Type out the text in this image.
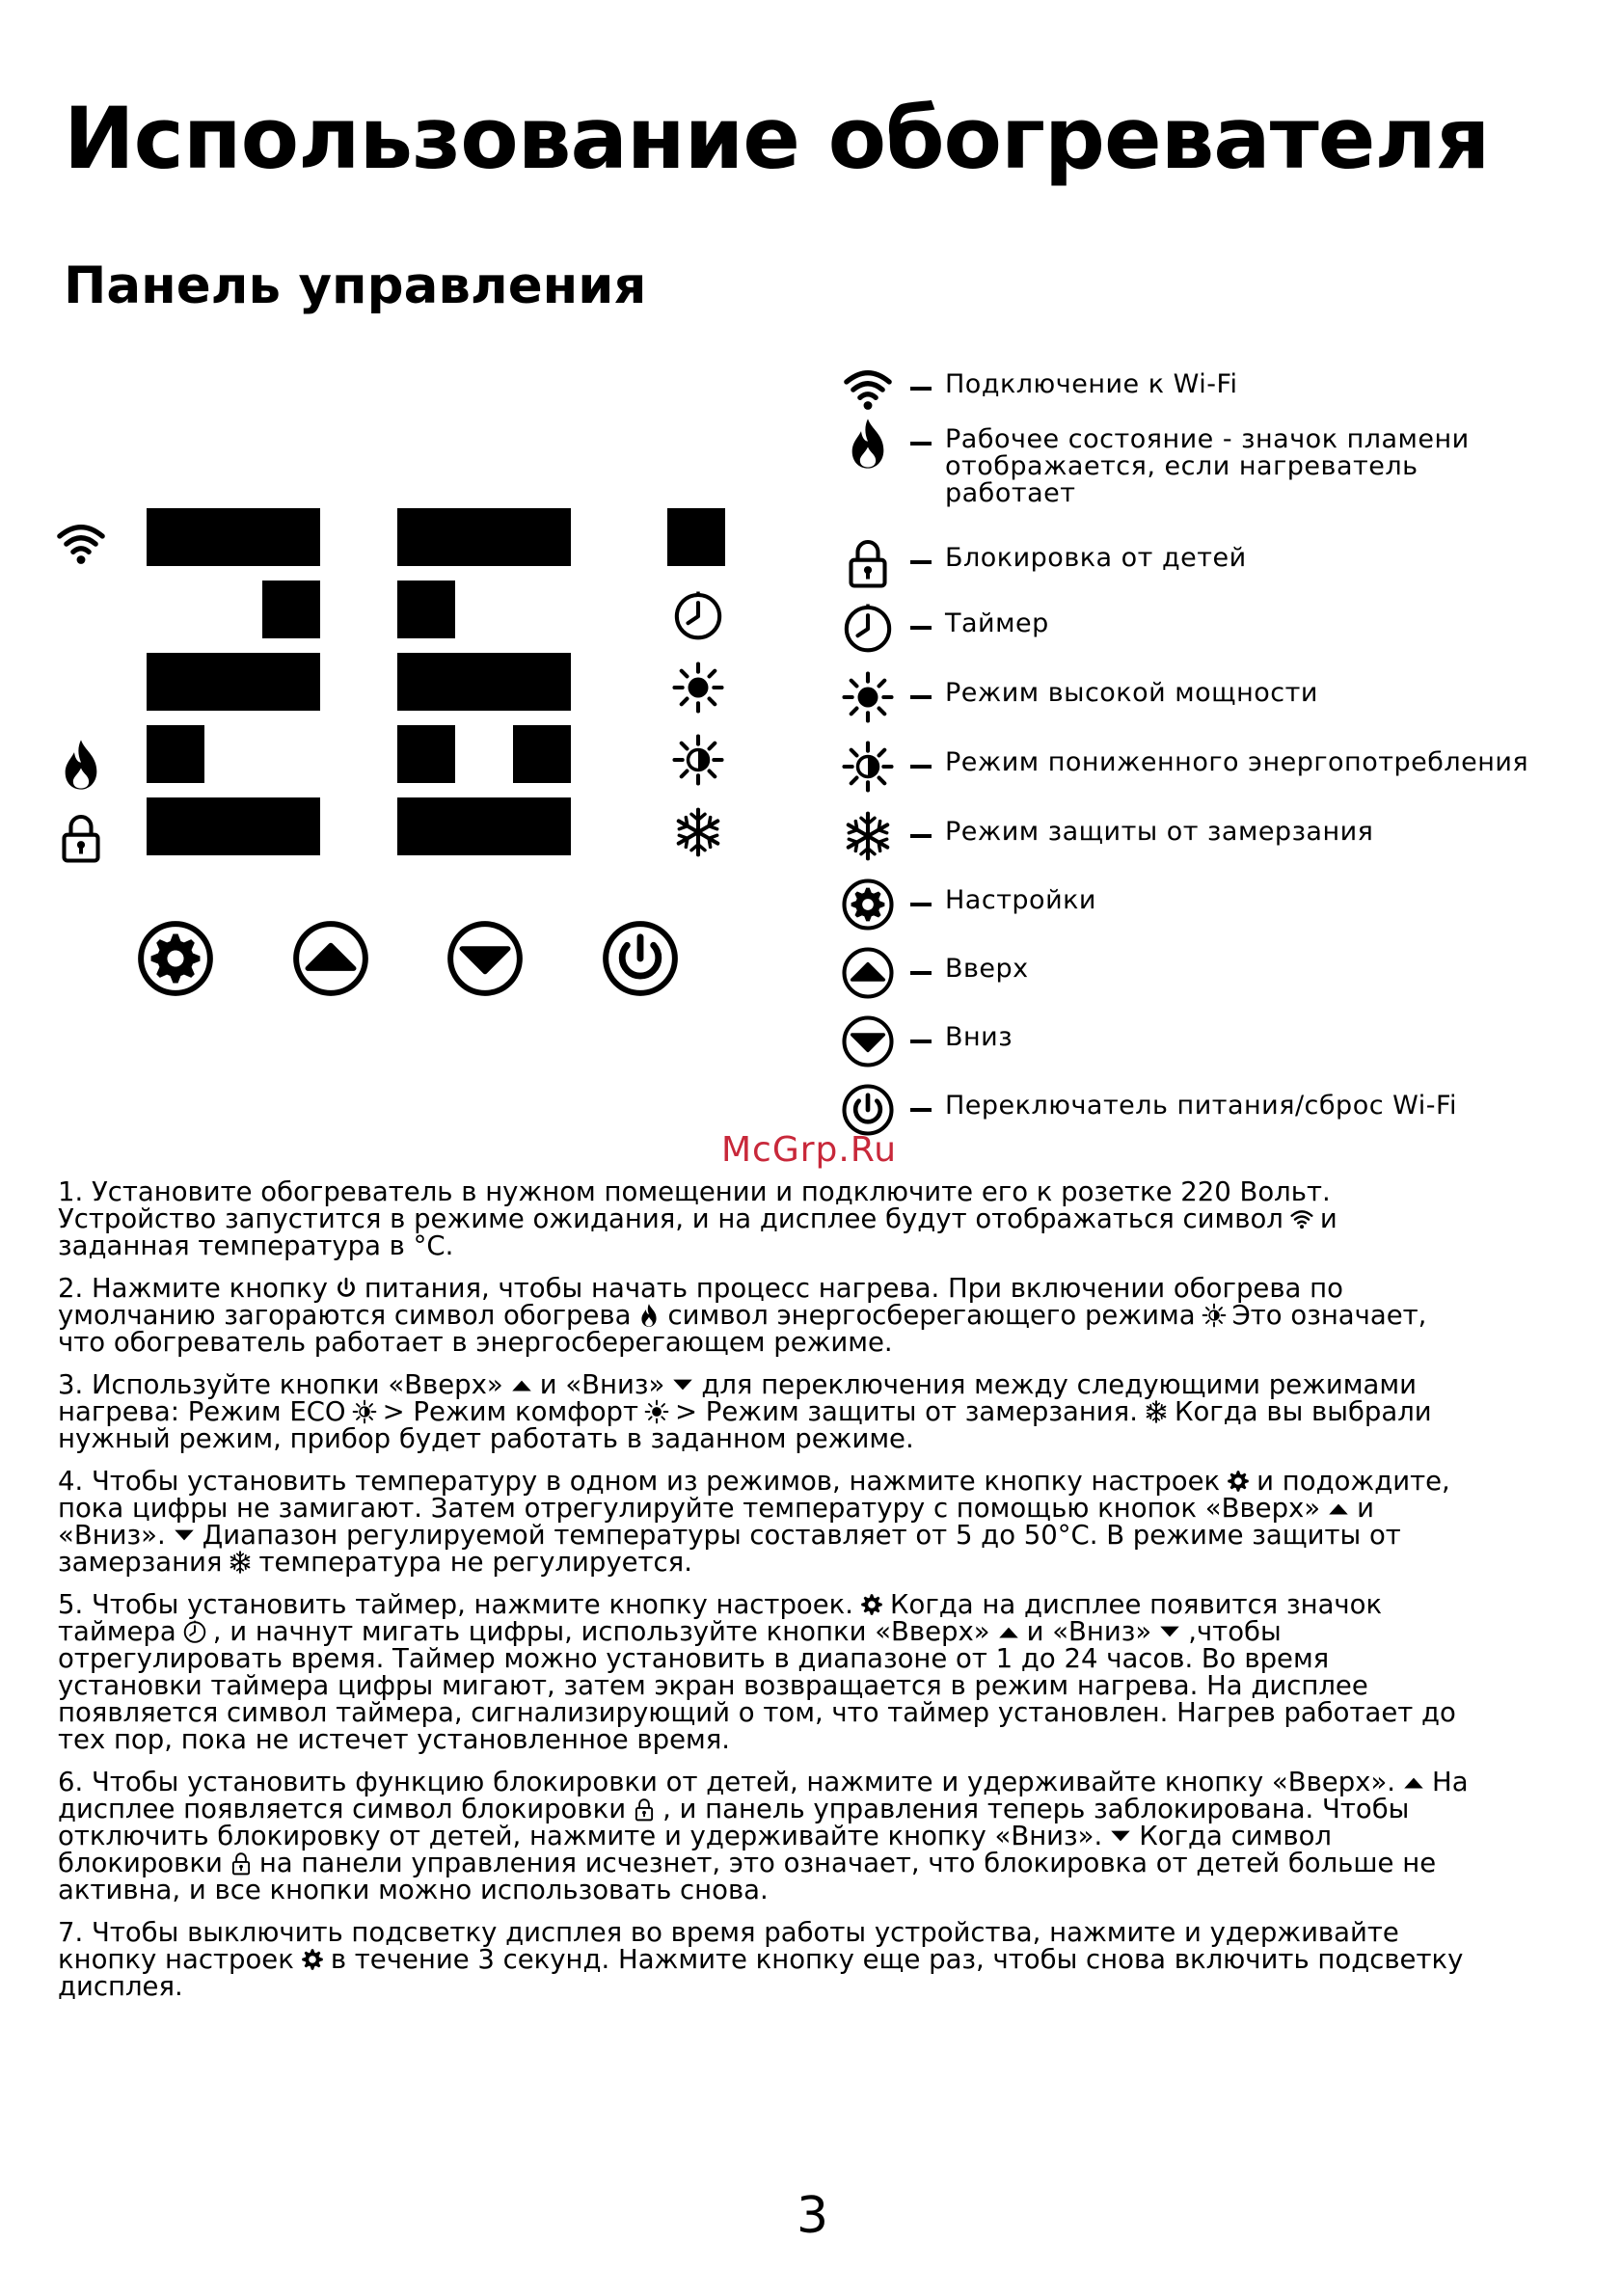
Использование обогревателя
Панель управления
Подключение к Wi-Fi
Рабочее состояние - значок пламени
отображается, если нагреватель
работает
Блокировка от детей
Таймер
Режим высокой мощности
Режим пониженного энергопотребления
Режим защиты от замерзания
Настройки
Вверх
Вниз
Переключатель питания/сброс Wi-Fi
McGrp.Ru

1. Установите обогреватель в нужном помещении и подключите его к розетке 220 Вольт.
Устройство запустится в режиме ожидания, и на дисплее будут отображаться символ и
заданная температура в °C.

2. Нажмите кнопку питания, чтобы начать процесс нагрева. При включении обогрева по
умолчанию загораются символ обогрева символ энергосберегающего режима Это означает,
что обогреватель работает в энергосберегающем режиме.

3. Используйте кнопки «Вверх» и «Вниз» для переключения между следующими режимами
нагрева: Режим ECO > Режим комфорт > Режим защиты от замерзания. Когда вы выбрали
нужный режим, прибор будет работать в заданном режиме.

4. Чтобы установить температуру в одном из режимов, нажмите кнопку настроек и подождите,
пока цифры не замигают. Затем отрегулируйте температуру с помощью кнопок «Вверх» и
«Вниз». Диапазон регулируемой температуры составляет от 5 до 50°C. В режиме защиты от
замерзания температура не регулируется.

5. Чтобы установить таймер, нажмите кнопку настроек. Когда на дисплее появится значок
таймера , и начнут мигать цифры, используйте кнопки «Вверх» и «Вниз» ,чтобы
отрегулировать время. Таймер можно установить в диапазоне от 1 до 24 часов. Во время
установки таймера цифры мигают, затем экран возвращается в режим нагрева. На дисплее
появляется символ таймера, сигнализирующий о том, что таймер установлен. Нагрев работает до
тех пор, пока не истечет установленное время.

6. Чтобы установить функцию блокировки от детей, нажмите и удерживайте кнопку «Вверх». На
дисплее появляется символ блокировки , и панель управления теперь заблокирована. Чтобы
отключить блокировку от детей, нажмите и удерживайте кнопку «Вниз». Когда символ
блокировки на панели управления исчезнет, это означает, что блокировка от детей больше не
активна, и все кнопки можно использовать снова.

7. Чтобы выключить подсветку дисплея во время работы устройства, нажмите и удерживайте
кнопку настроек в течение 3 секунд. Нажмите кнопку еще раз, чтобы снова включить подсветку
дисплея.

3
